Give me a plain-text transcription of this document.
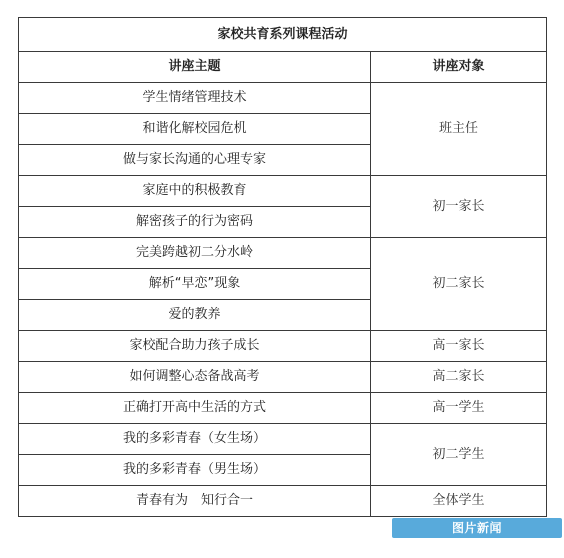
家校共育系列课程活动	
讲座主题	讲座对象
学生情绪管理技术	班主任
和谐化解校园危机	
做与家长沟通的心理专家	
家庭中的积极教育	初一家长
解密孩子的行为密码	
完美跨越初二分水岭	初二家长
解析“早恋”现象	
爱的教养	
家校配合助力孩子成长	高一家长
如何调整心态备战高考	高二家长
正确打开高中生活的方式	高一学生
我的多彩青春（女生场）	初二学生
我的多彩青春（男生场）	
青春有为　知行合一	全体学生
图片新闻 www.bjhmxx.com
